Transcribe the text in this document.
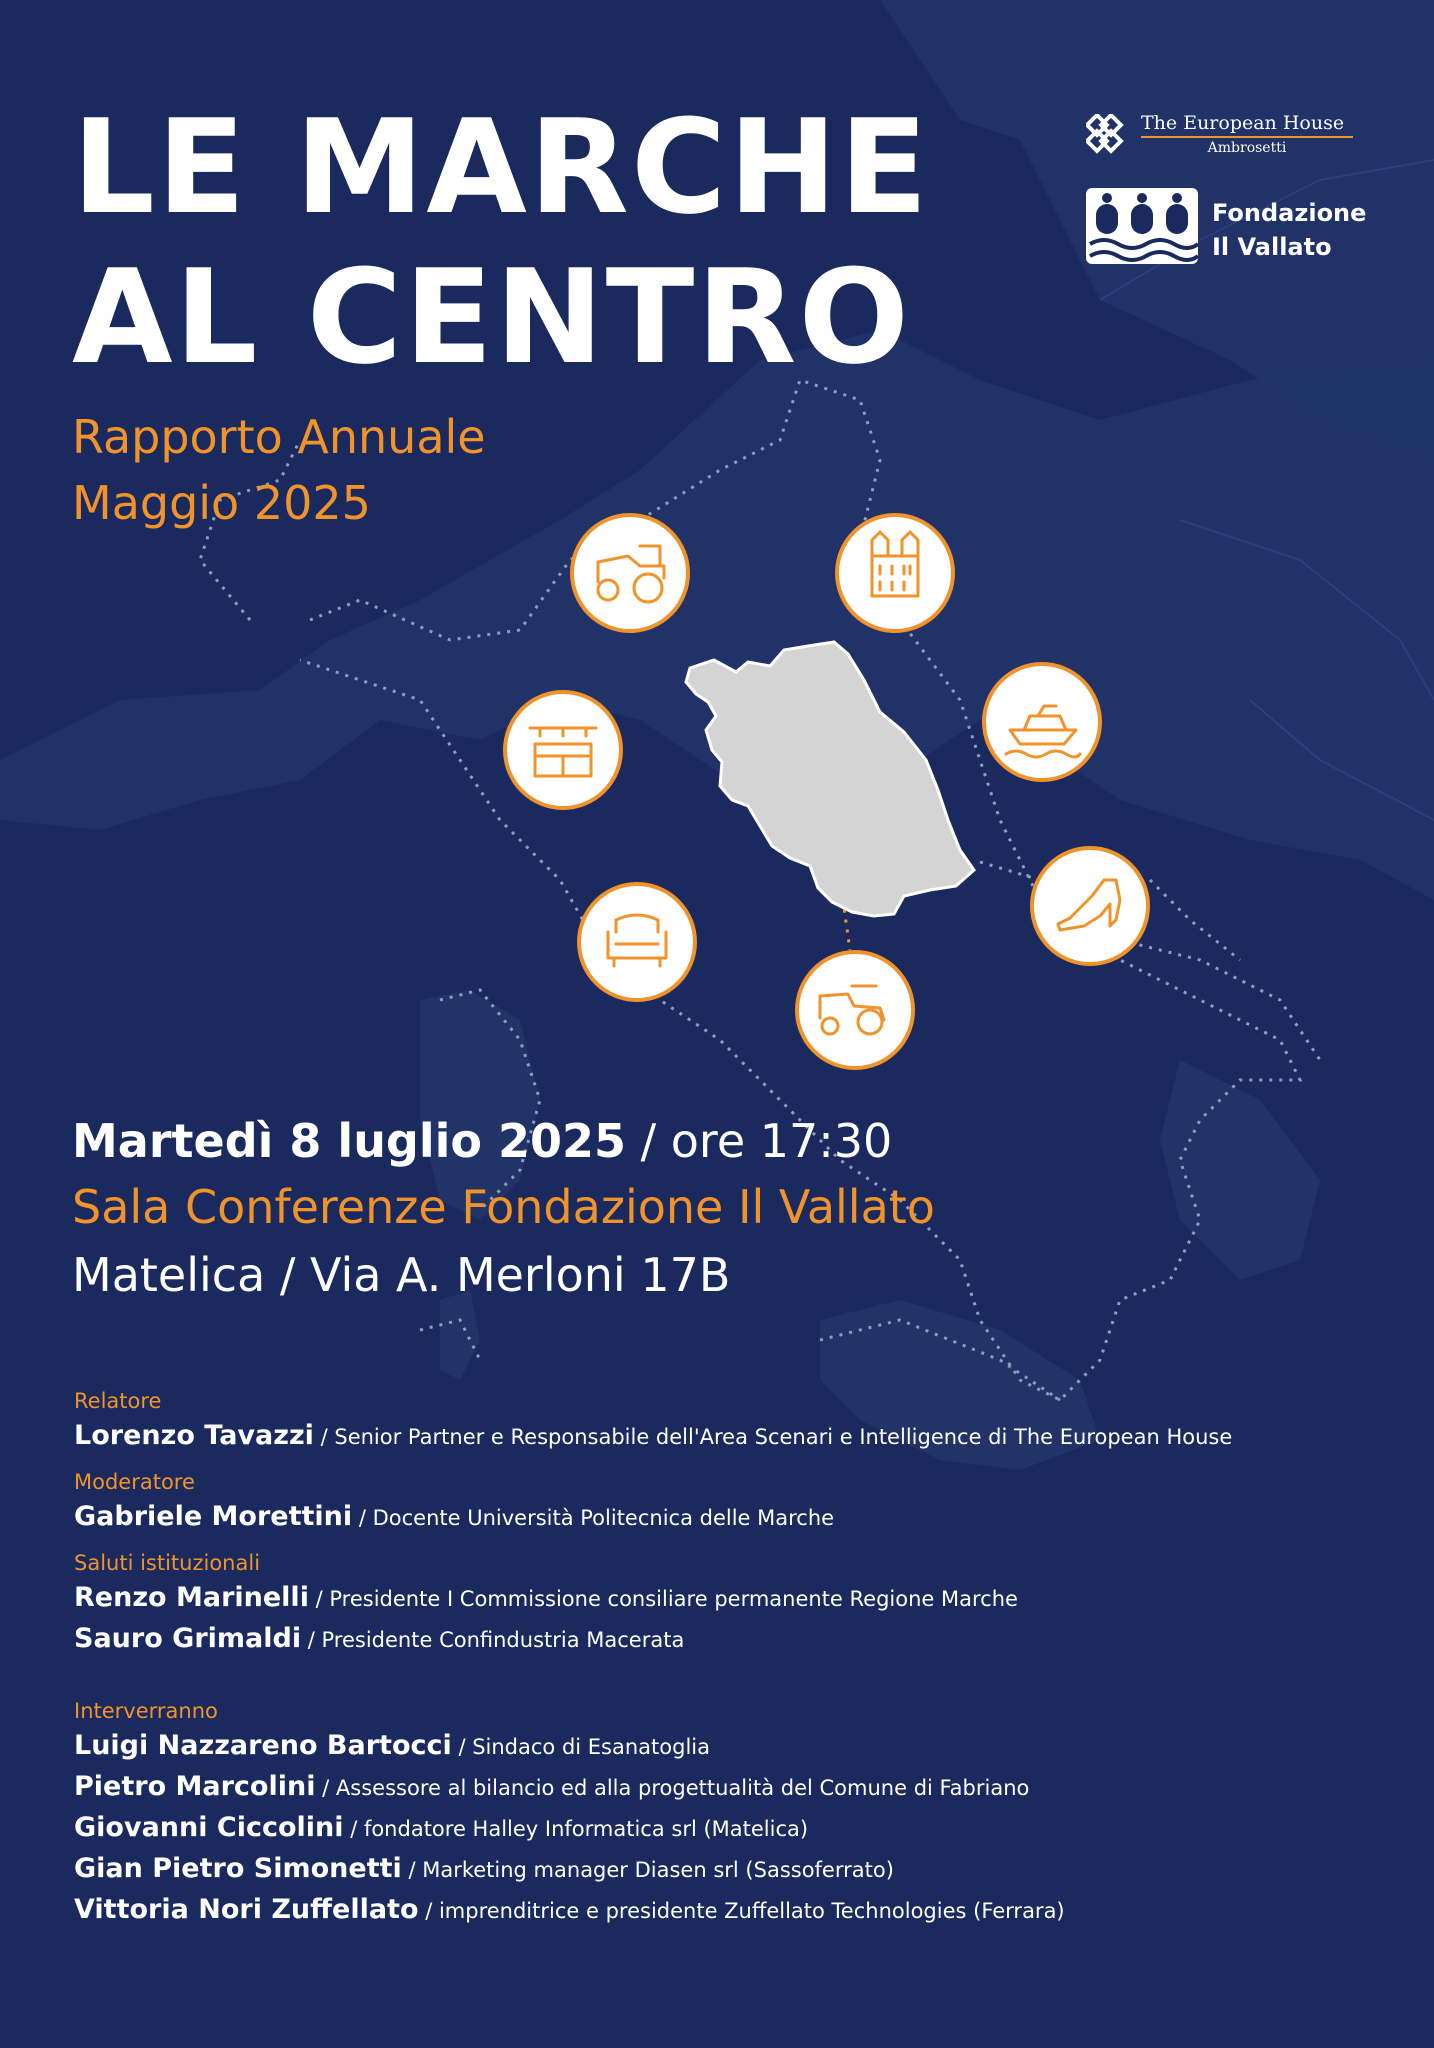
LE MARCHE
AL CENTRO
Rapporto Annuale
Maggio 2025
The European House
Ambrosetti
Fondazione
Il Vallato
Martedì 8 luglio 2025 / ore 17:30
Sala Conferenze Fondazione Il Vallato
Matelica / Via A. Merloni 17B
Relatore
Lorenzo Tavazzi / Senior Partner e Responsabile dell'Area Scenari e Intelligence di The European House
Moderatore
Gabriele Morettini / Docente Università Politecnica delle Marche
Saluti istituzionali
Renzo Marinelli / Presidente I Commissione consiliare permanente Regione Marche
Sauro Grimaldi / Presidente Confindustria Macerata
Interverranno
Luigi Nazzareno Bartocci / Sindaco di Esanatoglia
Pietro Marcolini / Assessore al bilancio ed alla progettualità del Comune di Fabriano
Giovanni Ciccolini / fondatore Halley Informatica srl (Matelica)
Gian Pietro Simonetti / Marketing manager Diasen srl (Sassoferrato)
Vittoria Nori Zuffellato / imprenditrice e presidente Zuffellato Technologies (Ferrara)
